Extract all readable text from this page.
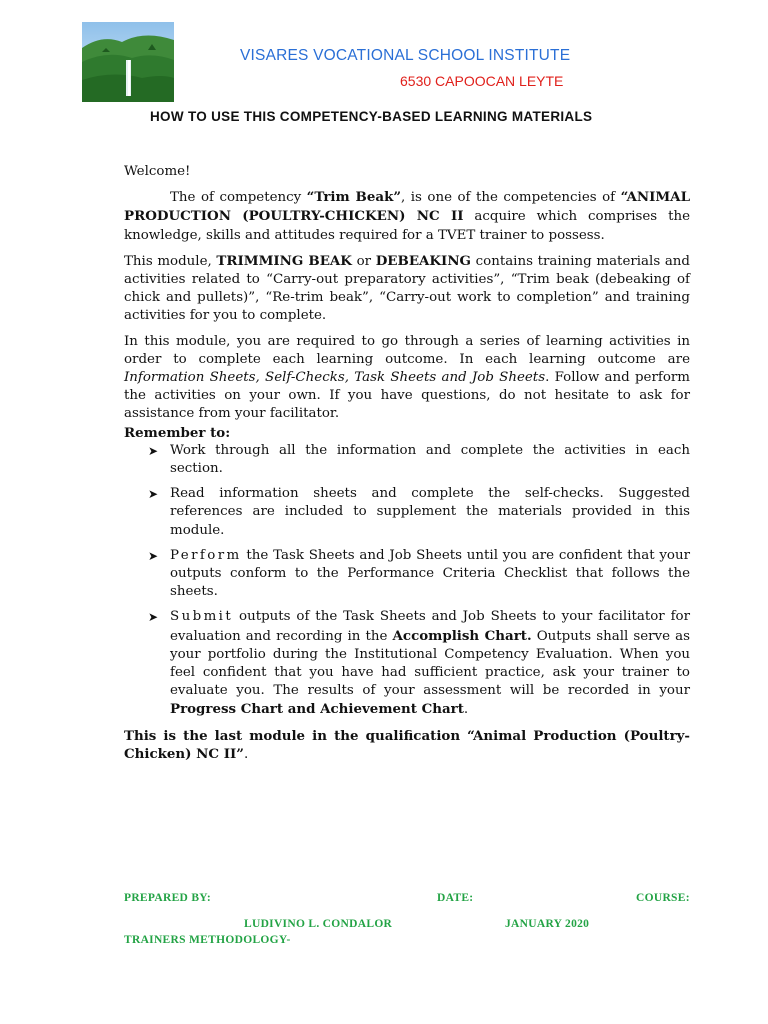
VISARES VOCATIONAL SCHOOL INSTITUTE
6530 CAPOOCAN LEYTE
HOW TO USE THIS COMPETENCY-BASED LEARNING MATERIALS

Welcome!

The of competency “Trim Beak”, is one of the competencies of “ANIMAL PRODUCTION (POULTRY-CHICKEN) NC II acquire which comprises the knowledge, skills and attitudes required for a TVET trainer to possess.

This module, TRIMMING BEAK or DEBEAKING contains training materials and activities related to “Carry-out preparatory activities”, “Trim beak (debeaking of chick and pullets)”, “Re-trim beak”, “Carry-out work to completion” and training activities for you to complete.

In this module, you are required to go through a series of learning activities in order to complete each learning outcome. In each learning outcome are Information Sheets, Self-Checks, Task Sheets and Job Sheets. Follow and perform the activities on your own. If you have questions, do not hesitate to ask for assistance from your facilitator.

Remember to:

➤ Work through all the information and complete the activities in each section.
➤ Read information sheets and complete the self-checks. Suggested references are included to supplement the materials provided in this module.
➤ Perform the Task Sheets and Job Sheets until you are confident that your outputs conform to the Performance Criteria Checklist that follows the sheets.
➤ Submit outputs of the Task Sheets and Job Sheets to your facilitator for evaluation and recording in the Accomplish Chart. Outputs shall serve as your portfolio during the Institutional Competency Evaluation. When you feel confident that you have had sufficient practice, ask your trainer to evaluate you. The results of your assessment will be recorded in your Progress Chart and Achievement Chart.

This is the last module in the qualification “Animal Production (Poultry-Chicken) NC II”.

PREPARED BY:	DATE:	COURSE:
LUDIVINO L. CONDALOR	JANUARY 2020
TRAINERS METHODOLOGY-
